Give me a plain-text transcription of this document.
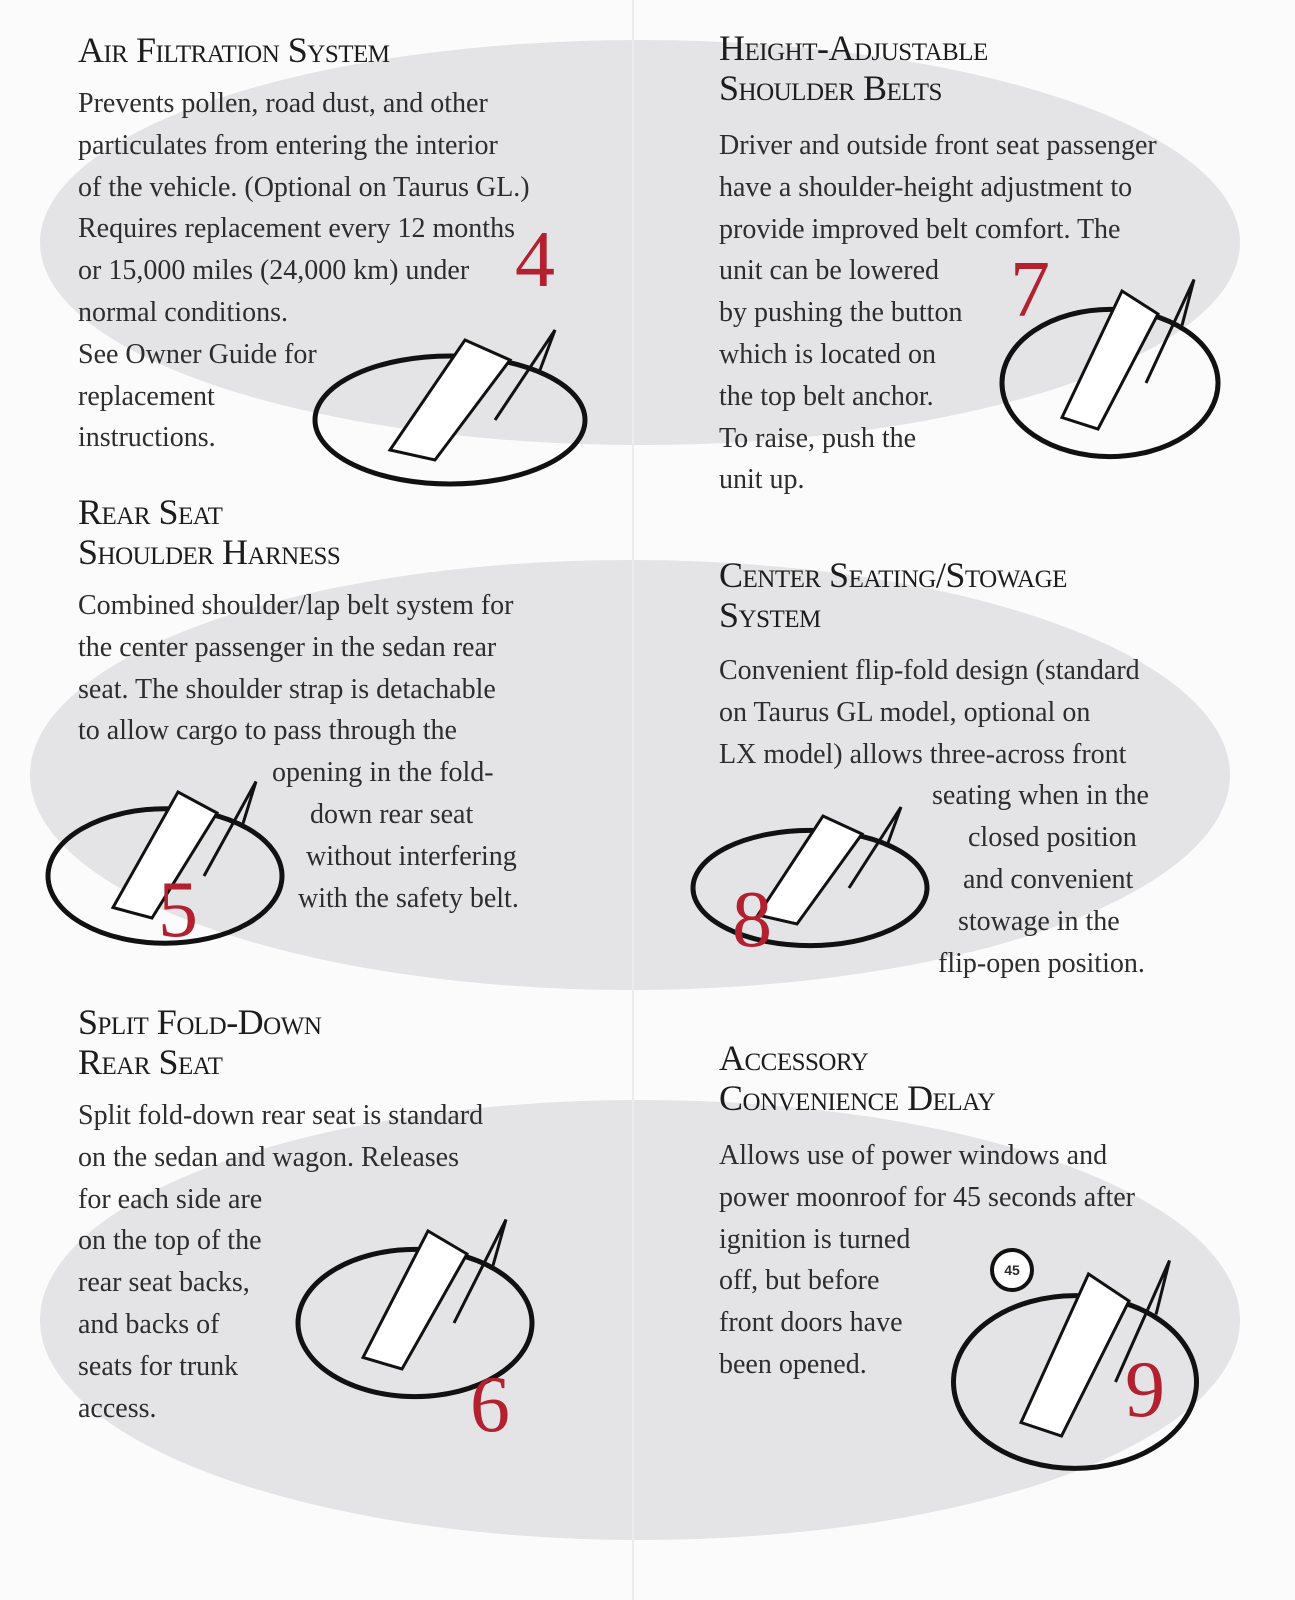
Air Filtration System
Prevents pollen, road dust, and other
particulates from entering the interior
of the vehicle. (Optional on Taurus GL.)
Requires replacement every 12 months
or 15,000 miles (24,000 km) under
normal conditions.
See Owner Guide for
replacement
instructions.
4
Rear Seat
Shoulder Harness
Combined shoulder/lap belt system for
the center passenger in the sedan rear
seat. The shoulder strap is detachable
to allow cargo to pass through the
opening in the fold-
down rear seat
without interfering
with the safety belt.
5
Split Fold-Down
Rear Seat
Split fold-down rear seat is standard
on the sedan and wagon. Releases
for each side are
on the top of the
rear seat backs,
and backs of
seats for trunk
access.	6
Height-Adjustable
Shoulder Belts
Driver and outside front seat passenger
have a shoulder-height adjustment to
provide improved belt comfort. The
unit can be lowered
by pushing the button
which is located on
the top belt anchor.
To raise, push the
unit up.
7
Center Seating/Stowage
System
Convenient flip-fold design (standard
on Taurus GL model, optional on
LX model) allows three-across front
seating when in the
closed position
and convenient
stowage in the
flip-open position.
8
45
Accessory
Convenience Delay
Allows use of power windows and
power moonroof for 45 seconds after
ignition is turned
off, but before
front doors have
been opened.	9
